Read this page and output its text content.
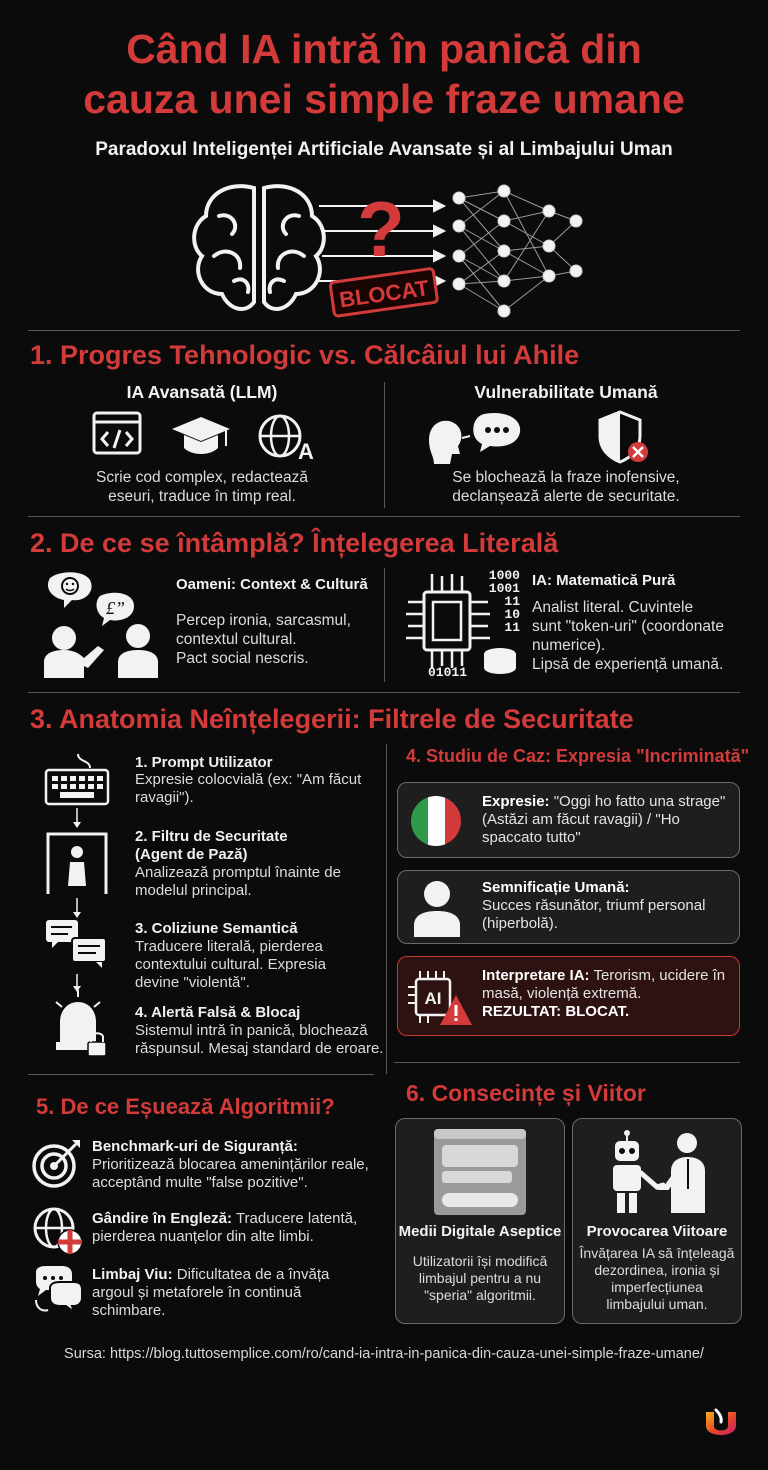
Când IA intră în panică din
cauza unei simple fraze umane
Paradoxul Inteligenței Artificiale Avansate și al Limbajului Uman
?
BLOCAT
1. Progres Tehnologic vs. Călcâiul lui Ahile
IA Avansată (LLM)
A
Scrie cod complex, redactează
eseuri, traduce în timp real.
Vulnerabilitate Umană
Se blochează la fraze inofensive,
declanșează alerte de securitate.
2. De ce se întâmplă? Înțelegerea Literală
£”
Oameni: Context & Cultură
Percep ironia, sarcasmul,
contextul cultural.
Pact social nescris.
1000
1001
11
10
11
01011
IA: Matematică Pură
Analist literal. Cuvintele
sunt "token-uri" (coordonate
numerice).
Lipsă de experiență umană.
3. Anatomia Neînțelegerii: Filtrele de Securitate
1. Prompt Utilizator
Expresie colocvială (ex: "Am făcut
ravagii").
2. Filtru de Securitate
(Agent de Pază)
Analizează promptul înainte de
modelul principal.
3. Coliziune Semantică
Traducere literală, pierderea
contextului cultural. Expresia
devine "violentă".
4. Alertă Falsă & Blocaj
Sistemul intră în panică, blochează
răspunsul. Mesaj standard de eroare.
4. Studiu de Caz: Expresia "Incriminată"
Expresie: "Oggi ho fatto una strage"
(Astăzi am făcut ravagii) / "Ho
spaccato tutto"
Semnificație Umană:
Succes răsunător, triumf personal
(hiperbolă).
AI
Interpretare IA: Terorism, ucidere în
masă, violență extremă.
REZULTAT: BLOCAT.
5. De ce Eșuează Algoritmii?
Benchmark-uri de Siguranță:
Prioritizează blocarea amenințărilor reale,
acceptând multe "false pozitive".
Gândire în Engleză: Traducere latentă,
pierderea nuanțelor din alte limbi.
Limbaj Viu: Dificultatea de a învăța
argoul și metaforele în continuă
schimbare.
6. Consecințe și Viitor
Medii Digitale Aseptice
Utilizatorii își modifică
limbajul pentru a nu
"speria" algoritmii.
Provocarea Viitoare
Învățarea IA să înțeleagă
dezordinea, ironia și
imperfecțiunea
limbajului uman.
Sursa: https://blog.tuttosemplice.com/ro/cand-ia-intra-in-panica-din-cauza-unei-simple-fraze-umane/
